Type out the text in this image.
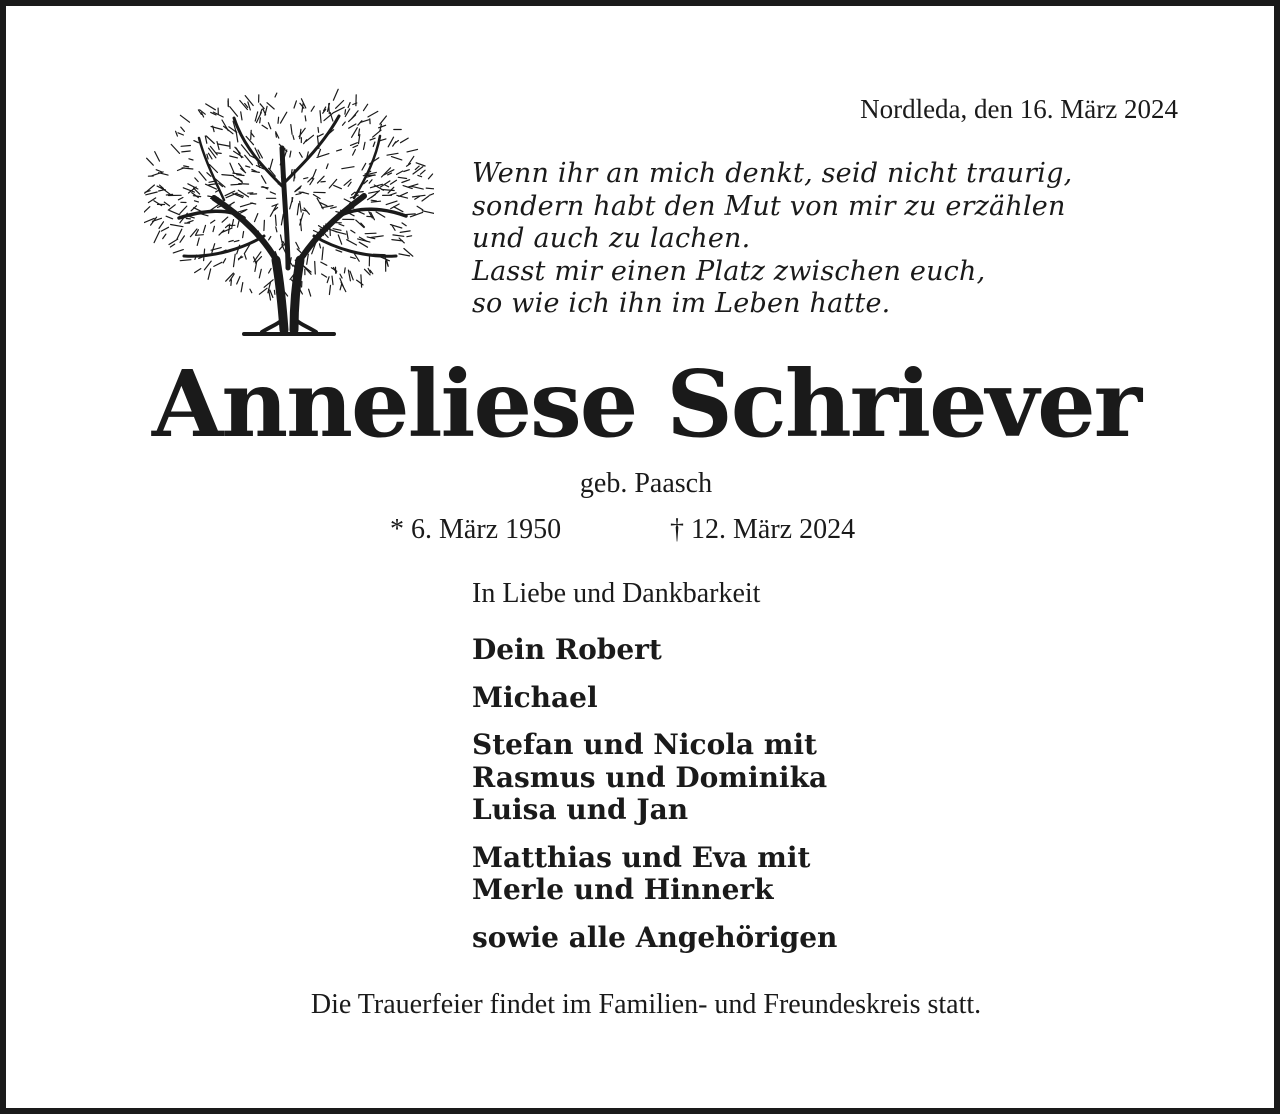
Nordleda, den 16. März 2024
Wenn ihr an mich denkt, seid nicht traurig,
sondern habt den Mut von mir zu erzählen
und auch zu lachen.
Lasst mir einen Platz zwischen euch,
so wie ich ihn im Leben hatte.
Anneliese Schriever
geb. Paasch
* 6. März 1950	† 12. März 2024
In Liebe und Dankbarkeit
Dein Robert
Michael
Stefan und Nicola mit
Rasmus und Dominika
Luisa und Jan
Matthias und Eva mit
Merle und Hinnerk
sowie alle Angehörigen
Die Trauerfeier findet im Familien- und Freundeskreis statt.
